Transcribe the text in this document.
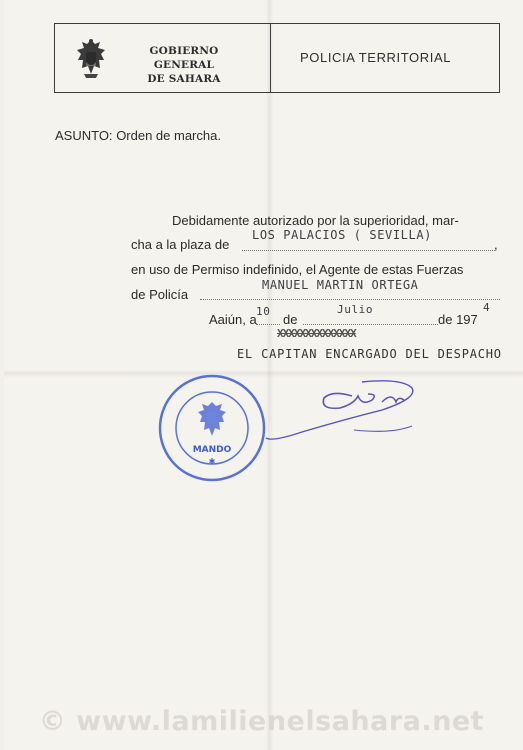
GOBIERNO GENERAL
DE SAHARA
POLICIA TERRITORIAL
ASUNTO: Orden de marcha.
Debidamente autorizado por la superioridad, mar-
cha a la plaza de
LOS PALACIOS ( SEVILLA)
,
en uso de Permiso indefinido, el Agente de estas Fuerzas
de Policía
MANUEL MARTIN ORTEGA
Aaiún, a
10
de
Julio
de 197
4
XXXXXXXXXXXXXX
EL CAPITAN ENCARGADO DEL DESPACHO
MANDO
✱
© www.lamilienelsahara.net
